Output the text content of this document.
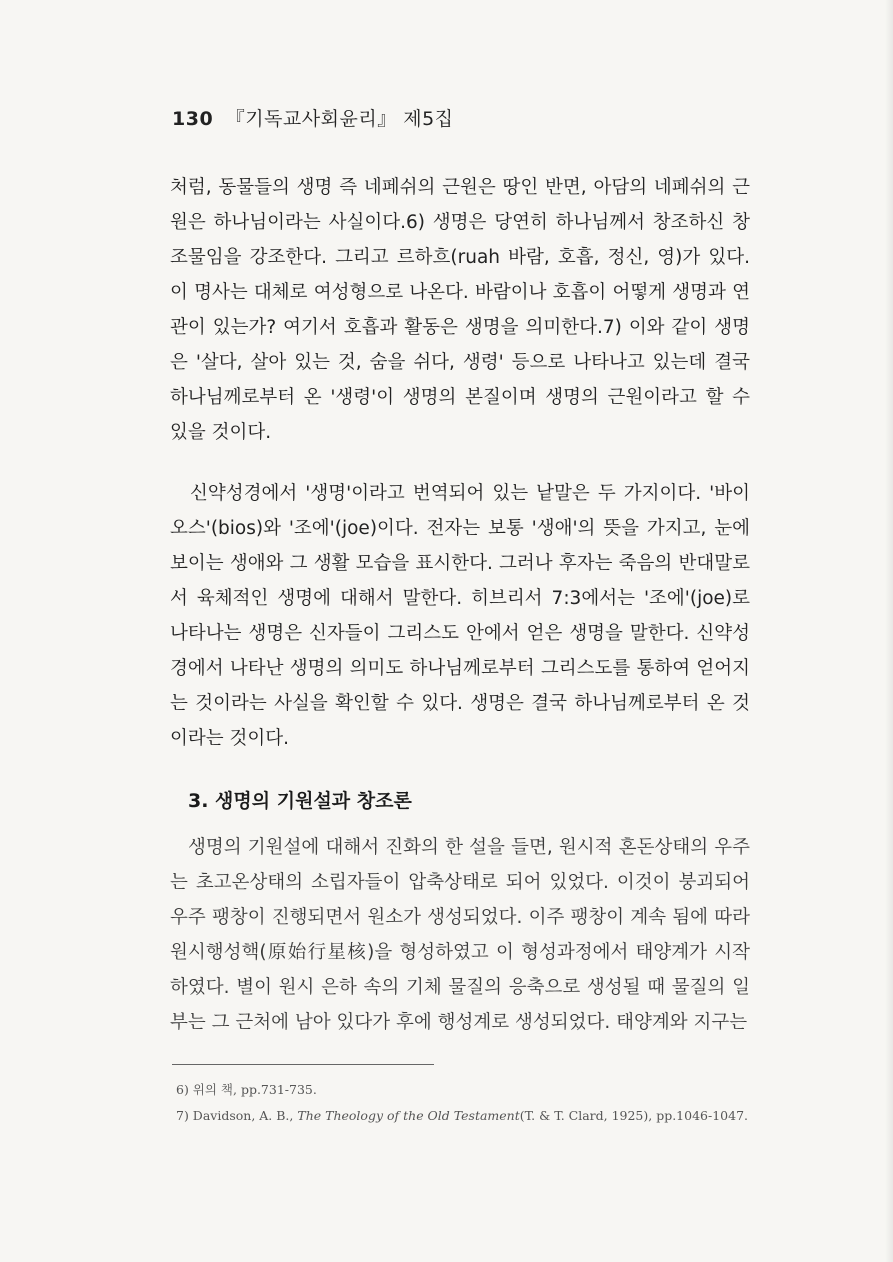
130 『기독교사회윤리』 제5집

처럼, 동물들의 생명 즉 네페쉬의 근원은 땅인 반면, 아담의 네페쉬의 근원은 하나님이라는 사실이다.6) 생명은 당연히 하나님께서 창조하신 창조물임을 강조한다. 그리고 르하흐(ruah 바람, 호흡, 정신, 영)가 있다. 이 명사는 대체로 여성형으로 나온다. 바람이나 호흡이 어떻게 생명과 연관이 있는가? 여기서 호흡과 활동은 생명을 의미한다.7) 이와 같이 생명은 '살다, 살아 있는 것, 숨을 쉬다, 생령' 등으로 나타나고 있는데 결국 하나님께로부터 온 '생령'이 생명의 본질이며 생명의 근원이라고 할 수 있을 것이다.

신약성경에서 '생명'이라고 번역되어 있는 낱말은 두 가지이다. '바이오스'(bios)와 '조에'(joe)이다. 전자는 보통 '생애'의 뜻을 가지고, 눈에 보이는 생애와 그 생활 모습을 표시한다. 그러나 후자는 죽음의 반대말로서 육체적인 생명에 대해서 말한다. 히브리서 7:3에서는 '조에'(joe)로 나타나는 생명은 신자들이 그리스도 안에서 얻은 생명을 말한다. 신약성경에서 나타난 생명의 의미도 하나님께로부터 그리스도를 통하여 얻어지는 것이라는 사실을 확인할 수 있다. 생명은 결국 하나님께로부터 온 것이라는 것이다.

3. 생명의 기원설과 창조론

생명의 기원설에 대해서 진화의 한 설을 들면, 원시적 혼돈상태의 우주는 초고온상태의 소립자들이 압축상태로 되어 있었다. 이것이 붕괴되어 우주 팽창이 진행되면서 원소가 생성되었다. 이주 팽창이 계속 됨에 따라 원시행성핵(原始行星核)을 형성하였고 이 형성과정에서 태양계가 시작하였다. 별이 원시 은하 속의 기체 물질의 응축으로 생성될 때 물질의 일부는 그 근처에 남아 있다가 후에 행성계로 생성되었다. 태양계와 지구는

6) 위의 책, pp.731-735.

7) Davidson, A. B., The Theology of the Old Testament(T. & T. Clard, 1925), pp.1046-1047.
